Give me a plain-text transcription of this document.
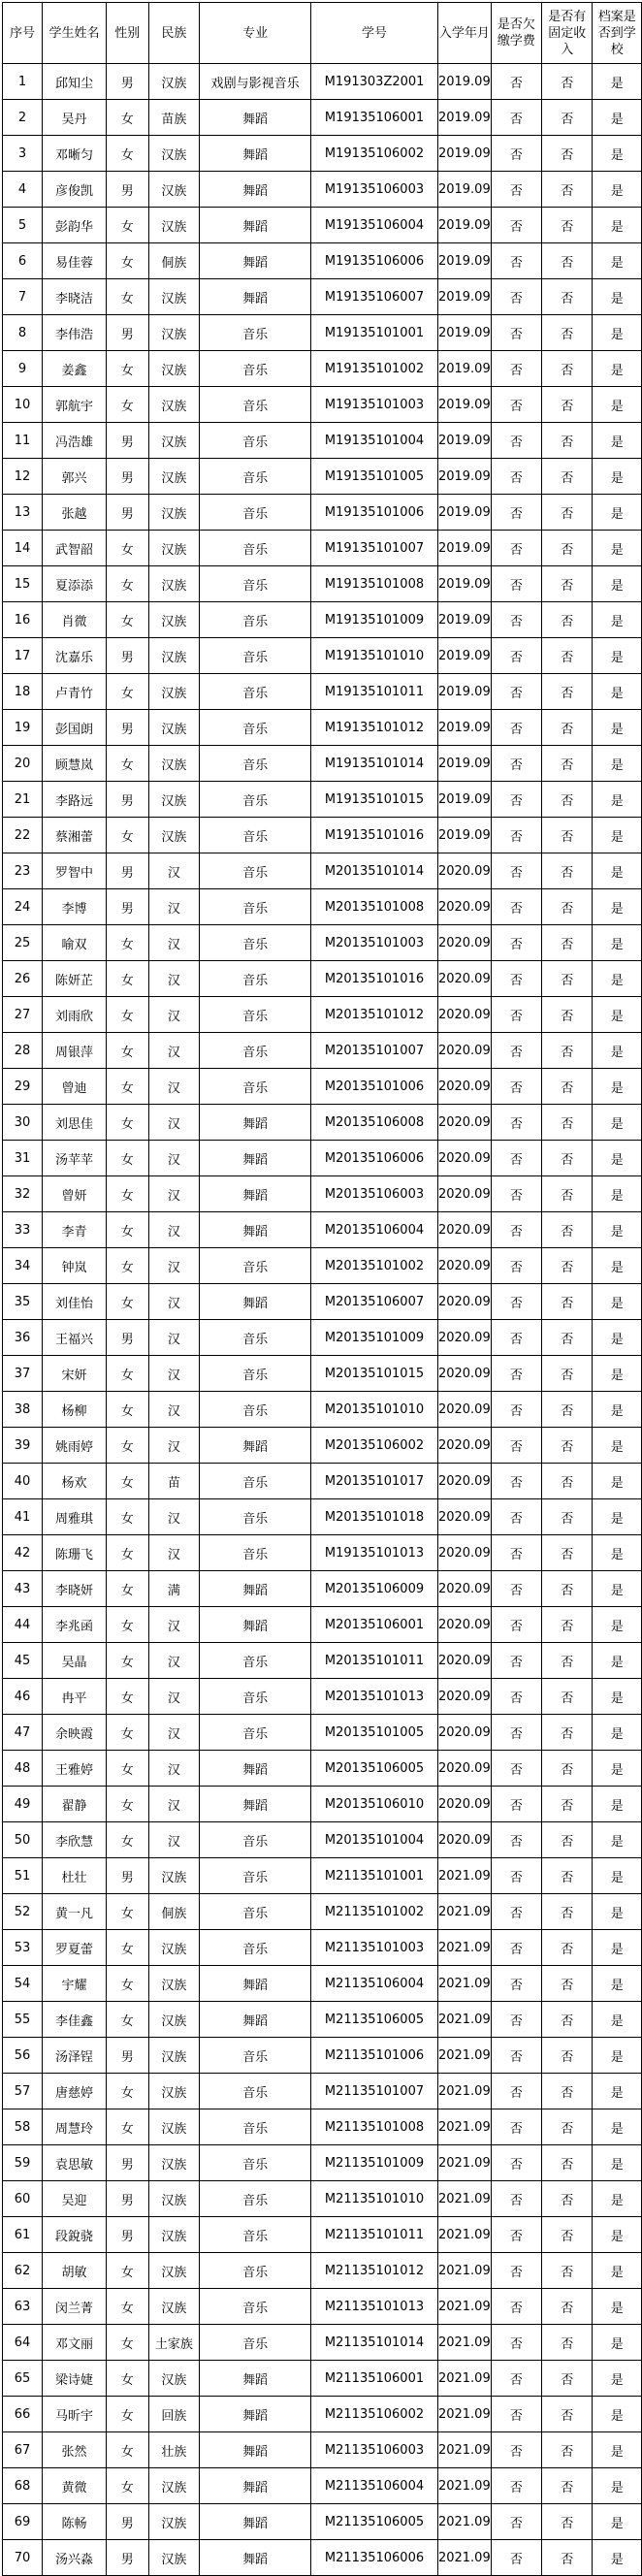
序号	学生姓名	性别	民族	专业	学号	入学年月	是否欠缴学费	是否有固定收入	档案是否到学校
1	邱知尘	男	汉族	戏剧与影视音乐	M191303Z2001	2019.09	否	否	是
2	吴丹	女	苗族	舞蹈	M19135106001	2019.09	否	否	是
3	邓晰匀	女	汉族	舞蹈	M19135106002	2019.09	否	否	是
4	彦俊凯	男	汉族	舞蹈	M19135106003	2019.09	否	否	是
5	彭韵华	女	汉族	舞蹈	M19135106004	2019.09	否	否	是
6	易佳蓉	女	侗族	舞蹈	M19135106006	2019.09	否	否	是
7	李晓洁	女	汉族	舞蹈	M19135106007	2019.09	否	否	是
8	李伟浩	男	汉族	音乐	M19135101001	2019.09	否	否	是
9	姜鑫	女	汉族	音乐	M19135101002	2019.09	否	否	是
10	郭航宇	女	汉族	音乐	M19135101003	2019.09	否	否	是
11	冯浩雄	男	汉族	音乐	M19135101004	2019.09	否	否	是
12	郭兴	男	汉族	音乐	M19135101005	2019.09	否	否	是
13	张越	男	汉族	音乐	M19135101006	2019.09	否	否	是
14	武智韶	女	汉族	音乐	M19135101007	2019.09	否	否	是
15	夏添添	女	汉族	音乐	M19135101008	2019.09	否	否	是
16	肖微	女	汉族	音乐	M19135101009	2019.09	否	否	是
17	沈嘉乐	男	汉族	音乐	M19135101010	2019.09	否	否	是
18	卢青竹	女	汉族	音乐	M19135101011	2019.09	否	否	是
19	彭国朗	男	汉族	音乐	M19135101012	2019.09	否	否	是
20	顾慧岚	女	汉族	音乐	M19135101014	2019.09	否	否	是
21	李路远	男	汉族	音乐	M19135101015	2019.09	否	否	是
22	蔡湘蕾	女	汉族	音乐	M19135101016	2019.09	否	否	是
23	罗智中	男	汉	音乐	M20135101014	2020.09	否	否	是
24	李博	男	汉	音乐	M20135101008	2020.09	否	否	是
25	喻双	女	汉	音乐	M20135101003	2020.09	否	否	是
26	陈妍芷	女	汉	音乐	M20135101016	2020.09	否	否	是
27	刘雨欣	女	汉	音乐	M20135101012	2020.09	否	否	是
28	周银萍	女	汉	音乐	M20135101007	2020.09	否	否	是
29	曾迪	女	汉	音乐	M20135101006	2020.09	否	否	是
30	刘思佳	女	汉	舞蹈	M20135106008	2020.09	否	否	是
31	汤苹苹	女	汉	舞蹈	M20135106006	2020.09	否	否	是
32	曾妍	女	汉	舞蹈	M20135106003	2020.09	否	否	是
33	李青	女	汉	舞蹈	M20135106004	2020.09	否	否	是
34	钟岚	女	汉	音乐	M20135101002	2020.09	否	否	是
35	刘佳怡	女	汉	舞蹈	M20135106007	2020.09	否	否	是
36	王福兴	男	汉	音乐	M20135101009	2020.09	否	否	是
37	宋妍	女	汉	音乐	M20135101015	2020.09	否	否	是
38	杨柳	女	汉	音乐	M20135101010	2020.09	否	否	是
39	姚雨婷	女	汉	舞蹈	M20135106002	2020.09	否	否	是
40	杨欢	女	苗	音乐	M20135101017	2020.09	否	否	是
41	周雅琪	女	汉	音乐	M20135101018	2020.09	否	否	是
42	陈珊飞	女	汉	音乐	M19135101013	2020.09	否	否	是
43	李晓妍	女	满	舞蹈	M20135106009	2020.09	否	否	是
44	李兆函	女	汉	舞蹈	M20135106001	2020.09	否	否	是
45	吴晶	女	汉	音乐	M20135101011	2020.09	否	否	是
46	冉平	女	汉	音乐	M20135101013	2020.09	否	否	是
47	余映霞	女	汉	音乐	M20135101005	2020.09	否	否	是
48	王雅婷	女	汉	舞蹈	M20135106005	2020.09	否	否	是
49	翟静	女	汉	舞蹈	M20135106010	2020.09	否	否	是
50	李欣慧	女	汉	音乐	M20135101004	2020.09	否	否	是
51	杜壮	男	汉族	音乐	M21135101001	2021.09	否	否	是
52	黄一凡	女	侗族	音乐	M21135101002	2021.09	否	否	是
53	罗夏蕾	女	汉族	音乐	M21135101003	2021.09	否	否	是
54	宇耀	女	汉族	舞蹈	M21135106004	2021.09	否	否	是
55	李佳鑫	女	汉族	舞蹈	M21135106005	2021.09	否	否	是
56	汤泽锃	男	汉族	音乐	M21135101006	2021.09	否	否	是
57	唐慈婷	女	汉族	音乐	M21135101007	2021.09	否	否	是
58	周慧玲	女	汉族	音乐	M21135101008	2021.09	否	否	是
59	袁思敏	男	汉族	音乐	M21135101009	2021.09	否	否	是
60	吴迎	男	汉族	音乐	M21135101010	2021.09	否	否	是
61	段銳骁	男	汉族	音乐	M21135101011	2021.09	否	否	是
62	胡敏	女	汉族	音乐	M21135101012	2021.09	否	否	是
63	闵兰菁	女	汉族	音乐	M21135101013	2021.09	否	否	是
64	邓文丽	女	土家族	音乐	M21135101014	2021.09	否	否	是
65	梁诗婕	女	汉族	舞蹈	M21135106001	2021.09	否	否	是
66	马昕宇	女	回族	舞蹈	M21135106002	2021.09	否	否	是
67	张然	女	壮族	舞蹈	M21135106003	2021.09	否	否	是
68	黄微	女	汉族	舞蹈	M21135106004	2021.09	否	否	是
69	陈畅	男	汉族	舞蹈	M21135106005	2021.09	否	否	是
70	汤兴淼	男	汉族	舞蹈	M21135106006	2021.09	否	否	是
